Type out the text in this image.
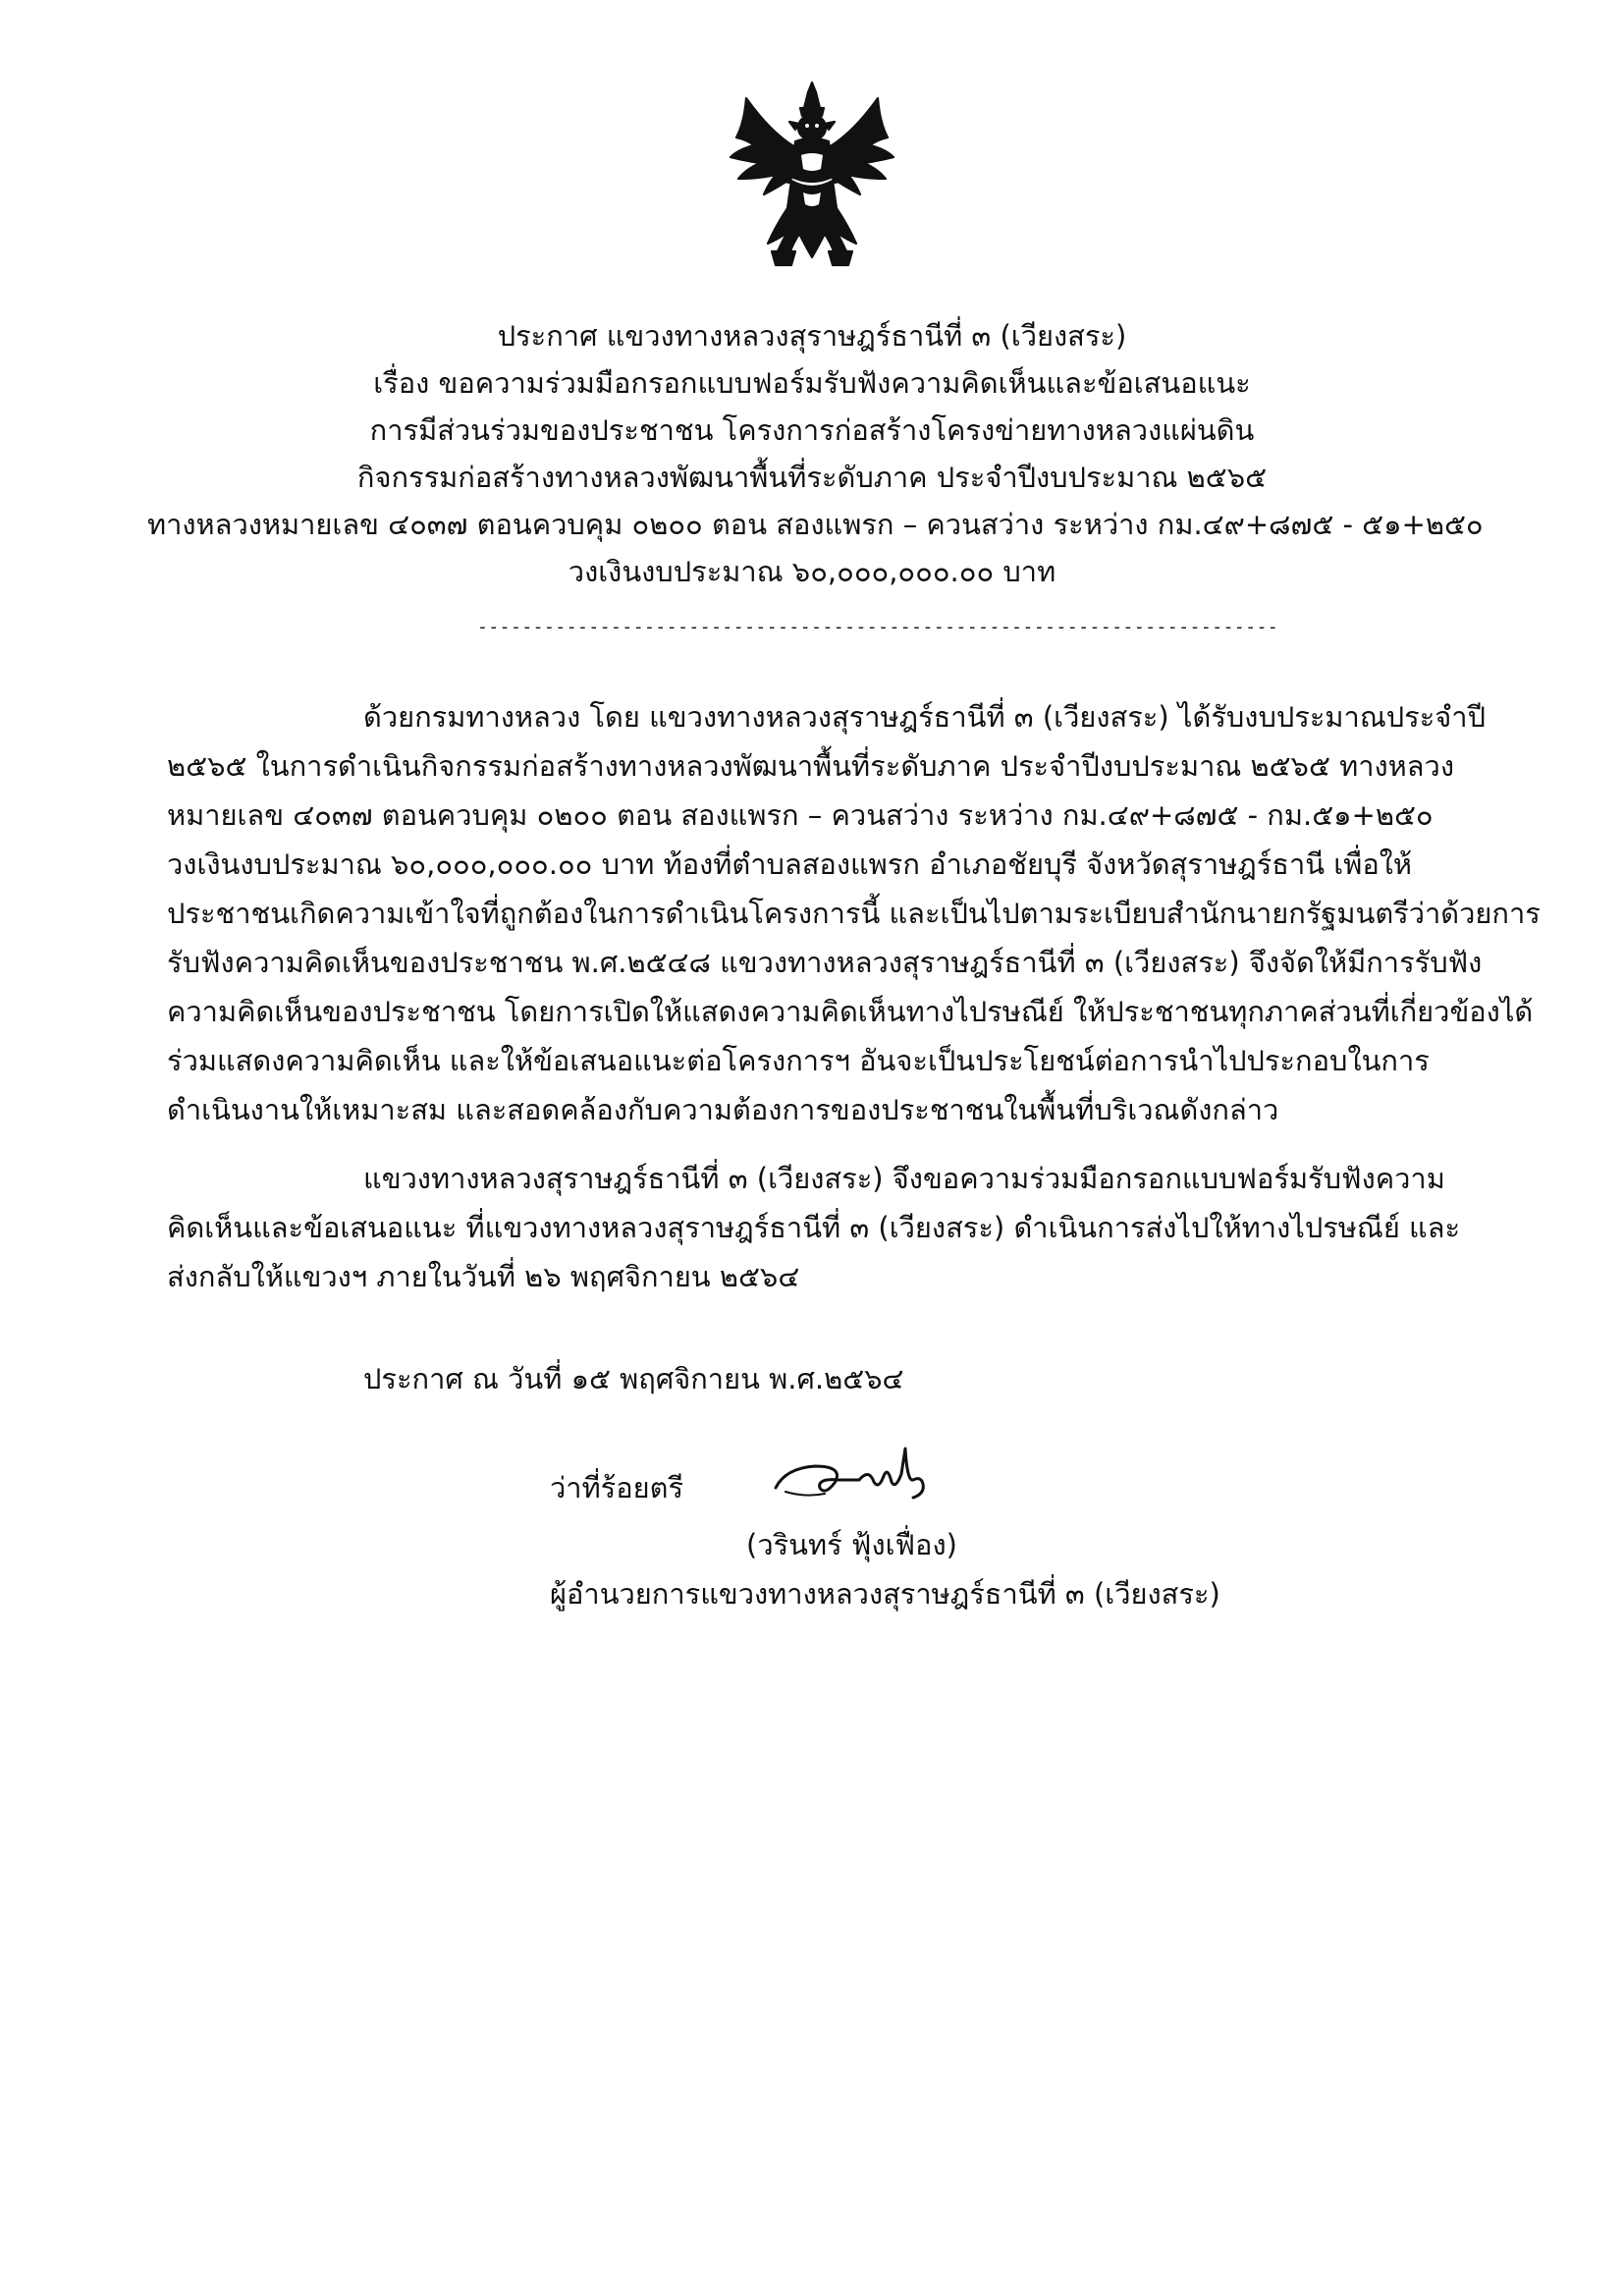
ประกาศ แขวงทางหลวงสุราษฎร์ธานีที่ ๓ (เวียงสระ)
เรื่อง ขอความร่วมมือกรอกแบบฟอร์มรับฟังความคิดเห็นและข้อเสนอแนะ
การมีส่วนร่วมของประชาชน โครงการก่อสร้างโครงข่ายทางหลวงแผ่นดิน
กิจกรรมก่อสร้างทางหลวงพัฒนาพื้นที่ระดับภาค ประจำปีงบประมาณ ๒๕๖๕
ทางหลวงหมายเลข ๔๐๓๗ ตอนควบคุม ๐๒๐๐ ตอน สองแพรก – ควนสว่าง ระหว่าง กม.๔๙+๘๗๕ - ๕๑+๒๕๐
วงเงินงบประมาณ ๖๐,๐๐๐,๐๐๐.๐๐ บาท
------------------------------------------------------------------------
ด้วยกรมทางหลวง โดย แขวงทางหลวงสุราษฎร์ธานีที่ ๓ (เวียงสระ) ได้รับงบประมาณประจำปี
๒๕๖๕ ในการดำเนินกิจกรรมก่อสร้างทางหลวงพัฒนาพื้นที่ระดับภาค ประจำปีงบประมาณ ๒๕๖๕ ทางหลวง
หมายเลข ๔๐๓๗ ตอนควบคุม ๐๒๐๐ ตอน สองแพรก – ควนสว่าง ระหว่าง กม.๔๙+๘๗๕ - กม.๕๑+๒๕๐
วงเงินงบประมาณ ๖๐,๐๐๐,๐๐๐.๐๐ บาท ท้องที่ตำบลสองแพรก อำเภอชัยบุรี จังหวัดสุราษฎร์ธานี เพื่อให้
ประชาชนเกิดความเข้าใจที่ถูกต้องในการดำเนินโครงการนี้ และเป็นไปตามระเบียบสำนักนายกรัฐมนตรีว่าด้วยการ
รับฟังความคิดเห็นของประชาชน พ.ศ.๒๕๔๘ แขวงทางหลวงสุราษฎร์ธานีที่ ๓ (เวียงสระ) จึงจัดให้มีการรับฟัง
ความคิดเห็นของประชาชน โดยการเปิดให้แสดงความคิดเห็นทางไปรษณีย์ ให้ประชาชนทุกภาคส่วนที่เกี่ยวข้องได้
ร่วมแสดงความคิดเห็น และให้ข้อเสนอแนะต่อโครงการฯ อันจะเป็นประโยชน์ต่อการนำไปประกอบในการ
ดำเนินงานให้เหมาะสม และสอดคล้องกับความต้องการของประชาชนในพื้นที่บริเวณดังกล่าว
แขวงทางหลวงสุราษฎร์ธานีที่ ๓ (เวียงสระ) จึงขอความร่วมมือกรอกแบบฟอร์มรับฟังความ
คิดเห็นและข้อเสนอแนะ ที่แขวงทางหลวงสุราษฎร์ธานีที่ ๓ (เวียงสระ) ดำเนินการส่งไปให้ทางไปรษณีย์ และ
ส่งกลับให้แขวงฯ ภายในวันที่ ๒๖ พฤศจิกายน ๒๕๖๔
ประกาศ ณ วันที่ ๑๕ พฤศจิกายน พ.ศ.๒๕๖๔
ว่าที่ร้อยตรี
(วรินทร์ ฟุ้งเฟื่อง)
ผู้อำนวยการแขวงทางหลวงสุราษฎร์ธานีที่ ๓ (เวียงสระ)
